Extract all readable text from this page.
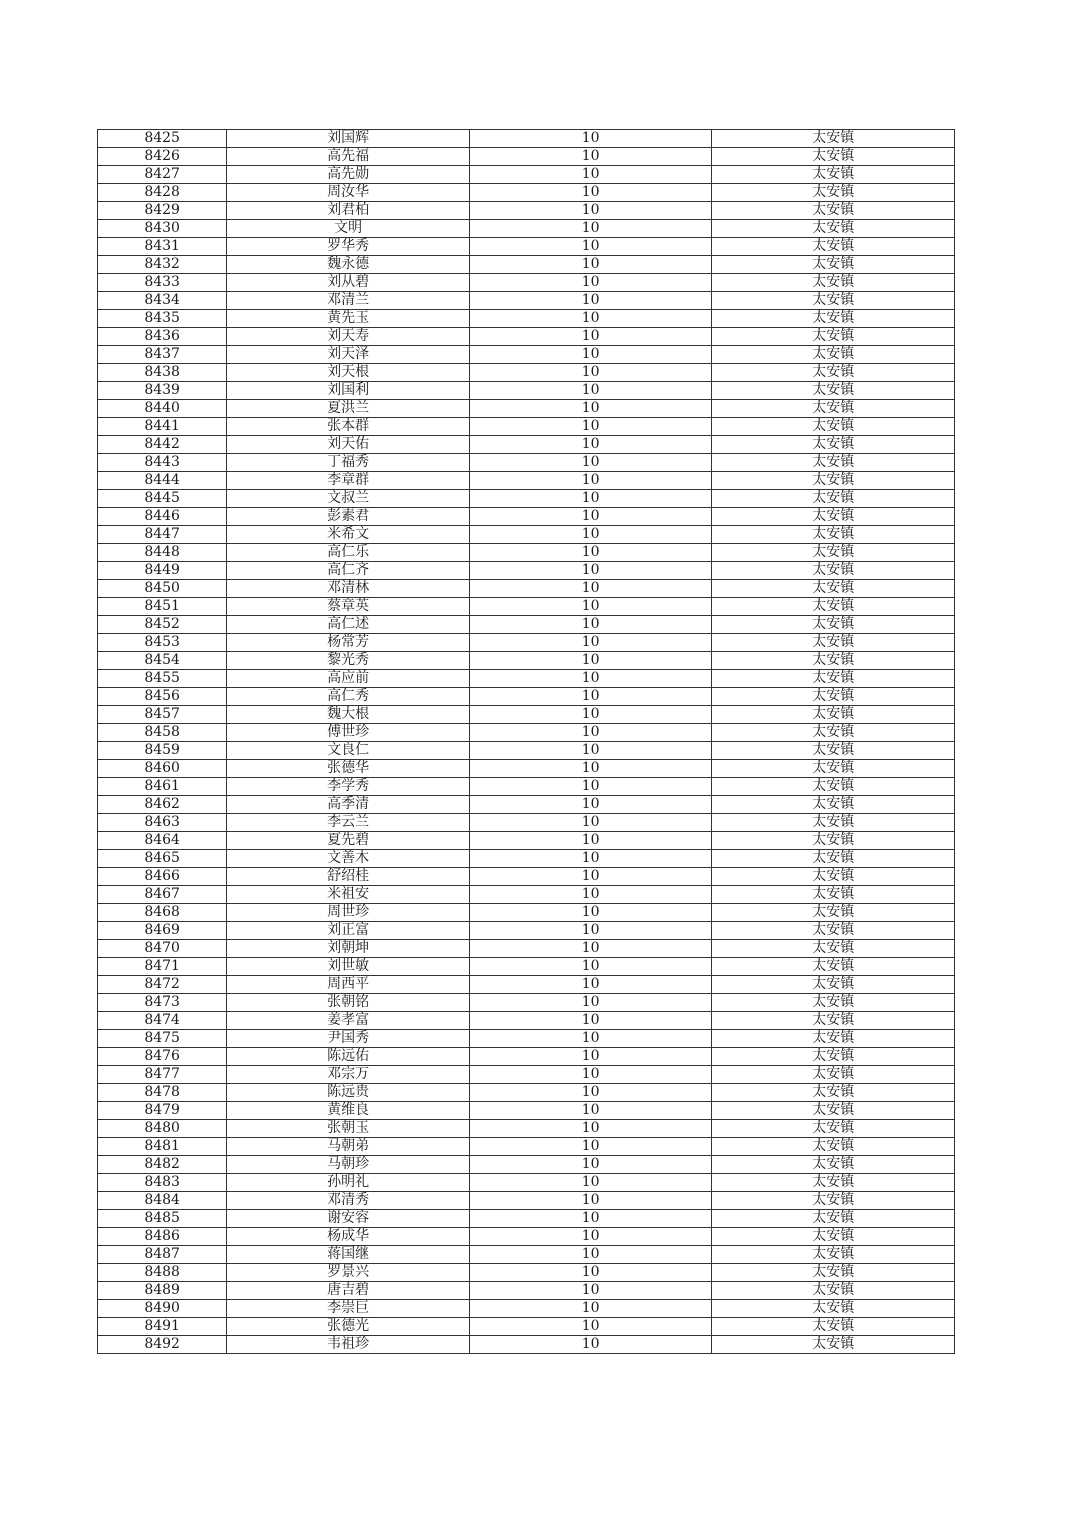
8425	刘国辉	10	太安镇
8426	高先福	10	太安镇
8427	高先勋	10	太安镇
8428	周汝华	10	太安镇
8429	刘君柏	10	太安镇
8430	文明	10	太安镇
8431	罗华秀	10	太安镇
8432	魏永德	10	太安镇
8433	刘从碧	10	太安镇
8434	邓清兰	10	太安镇
8435	黄先玉	10	太安镇
8436	刘天寿	10	太安镇
8437	刘天泽	10	太安镇
8438	刘天根	10	太安镇
8439	刘国利	10	太安镇
8440	夏洪兰	10	太安镇
8441	张本群	10	太安镇
8442	刘天佑	10	太安镇
8443	丁福秀	10	太安镇
8444	李章群	10	太安镇
8445	文叔兰	10	太安镇
8446	彭素君	10	太安镇
8447	米希文	10	太安镇
8448	高仁乐	10	太安镇
8449	高仁齐	10	太安镇
8450	邓清林	10	太安镇
8451	蔡章英	10	太安镇
8452	高仁述	10	太安镇
8453	杨常芳	10	太安镇
8454	黎光秀	10	太安镇
8455	高应前	10	太安镇
8456	高仁秀	10	太安镇
8457	魏大根	10	太安镇
8458	傅世珍	10	太安镇
8459	文良仁	10	太安镇
8460	张德华	10	太安镇
8461	李学秀	10	太安镇
8462	高季清	10	太安镇
8463	李云兰	10	太安镇
8464	夏先碧	10	太安镇
8465	文善木	10	太安镇
8466	舒绍桂	10	太安镇
8467	米祖安	10	太安镇
8468	周世珍	10	太安镇
8469	刘正富	10	太安镇
8470	刘朝坤	10	太安镇
8471	刘世敏	10	太安镇
8472	周西平	10	太安镇
8473	张朝铭	10	太安镇
8474	姜孝富	10	太安镇
8475	尹国秀	10	太安镇
8476	陈远佑	10	太安镇
8477	邓宗万	10	太安镇
8478	陈远贵	10	太安镇
8479	黄维良	10	太安镇
8480	张朝玉	10	太安镇
8481	马朝弟	10	太安镇
8482	马朝珍	10	太安镇
8483	孙明礼	10	太安镇
8484	邓清秀	10	太安镇
8485	谢安容	10	太安镇
8486	杨成华	10	太安镇
8487	蒋国继	10	太安镇
8488	罗景兴	10	太安镇
8489	唐吉碧	10	太安镇
8490	李崇巨	10	太安镇
8491	张德光	10	太安镇
8492	韦祖珍	10	太安镇
